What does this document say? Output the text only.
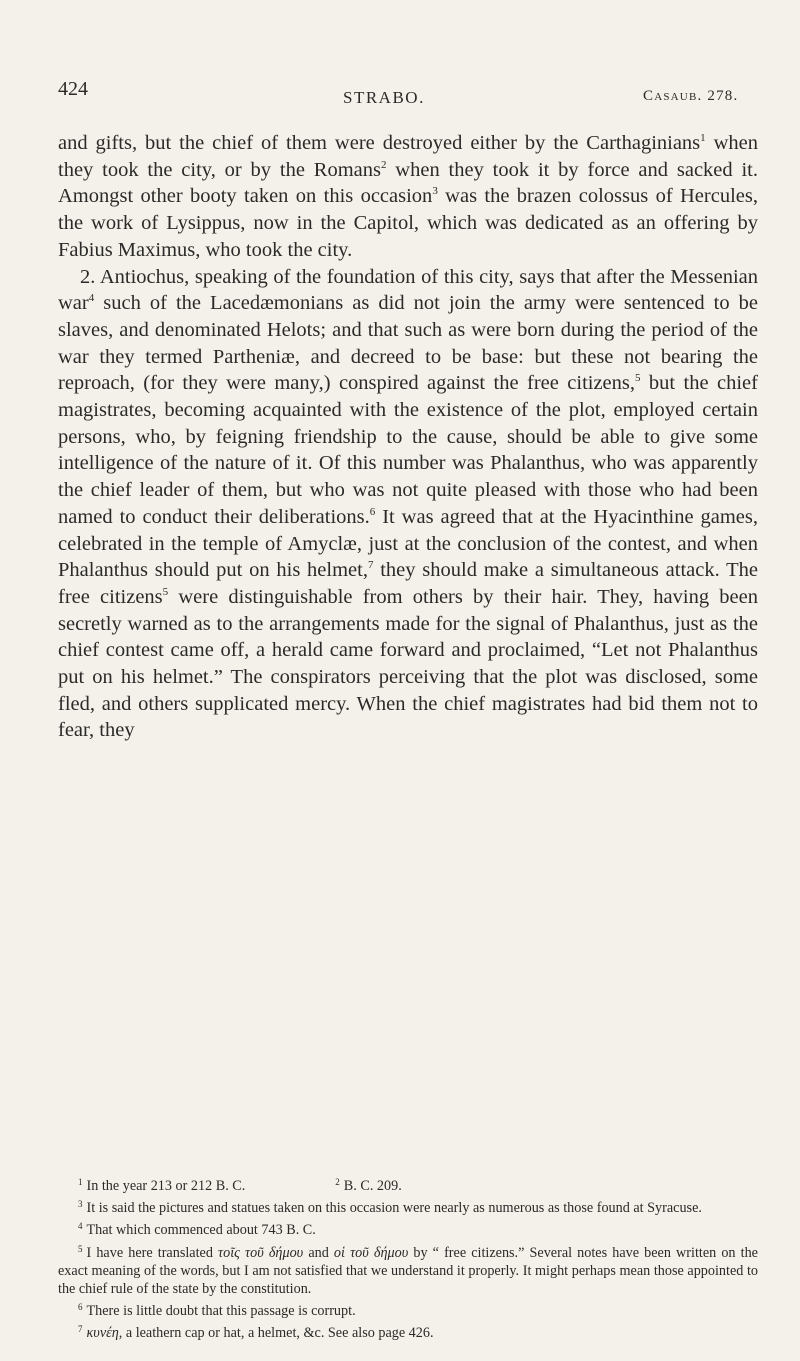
424	STRABO.	Casaub. 278.

and gifts, but the chief of them were destroyed either by the Carthaginians$^1$ when they took the city, or by the Romans$^2$ when they took it by force and sacked it. Amongst other booty taken on this occasion$^3$ was the brazen colossus of Hercules, the work of Lysippus, now in the Capitol, which was dedicated as an offering by Fabius Maximus, who took the city.

2. Antiochus, speaking of the foundation of this city, says that after the Messenian war$^4$ such of the Lacedæmonians as did not join the army were sentenced to be slaves, and denominated Helots; and that such as were born during the period of the war they termed Partheniæ, and decreed to be base: but these not bearing the reproach, (for they were many,) conspired against the free citizens,$^5$ but the chief magistrates, becoming acquainted with the existence of the plot, employed certain persons, who, by feigning friendship to the cause, should be able to give some intelligence of the nature of it. Of this number was Phalanthus, who was apparently the chief leader of them, but who was not quite pleased with those who had been named to conduct their deliberations.$^6$ It was agreed that at the Hyacinthine games, celebrated in the temple of Amyclæ, just at the conclusion of the contest, and when Phalanthus should put on his helmet,$^7$ they should make a simultaneous attack. The free citizens$^5$ were distinguishable from others by their hair. They, having been secretly warned as to the arrangements made for the signal of Phalanthus, just as the chief contest came off, a herald came forward and proclaimed, “Let not Phalanthus put on his helmet.” The conspirators perceiving that the plot was disclosed, some fled, and others supplicated mercy. When the chief magistrates had bid them not to fear, they

$^1$ In the year 213 or 212 B. C.	$^2$ B. C. 209.

$^3$ It is said the pictures and statues taken on this occasion were nearly as numerous as those found at Syracuse.

$^4$ That which commenced about 743 B. C.

$^5$ I have here translated τοῖς τοῦ δήμου and οἱ τοῦ δήμου by “ free citizens.” Several notes have been written on the exact meaning of the words, but I am not satisfied that we understand it properly. It might perhaps mean those appointed to the chief rule of the state by the constitution.

$^6$ There is little doubt that this passage is corrupt.

$^7$ κυνέη, a leathern cap or hat, a helmet, &c. See also page 426.
